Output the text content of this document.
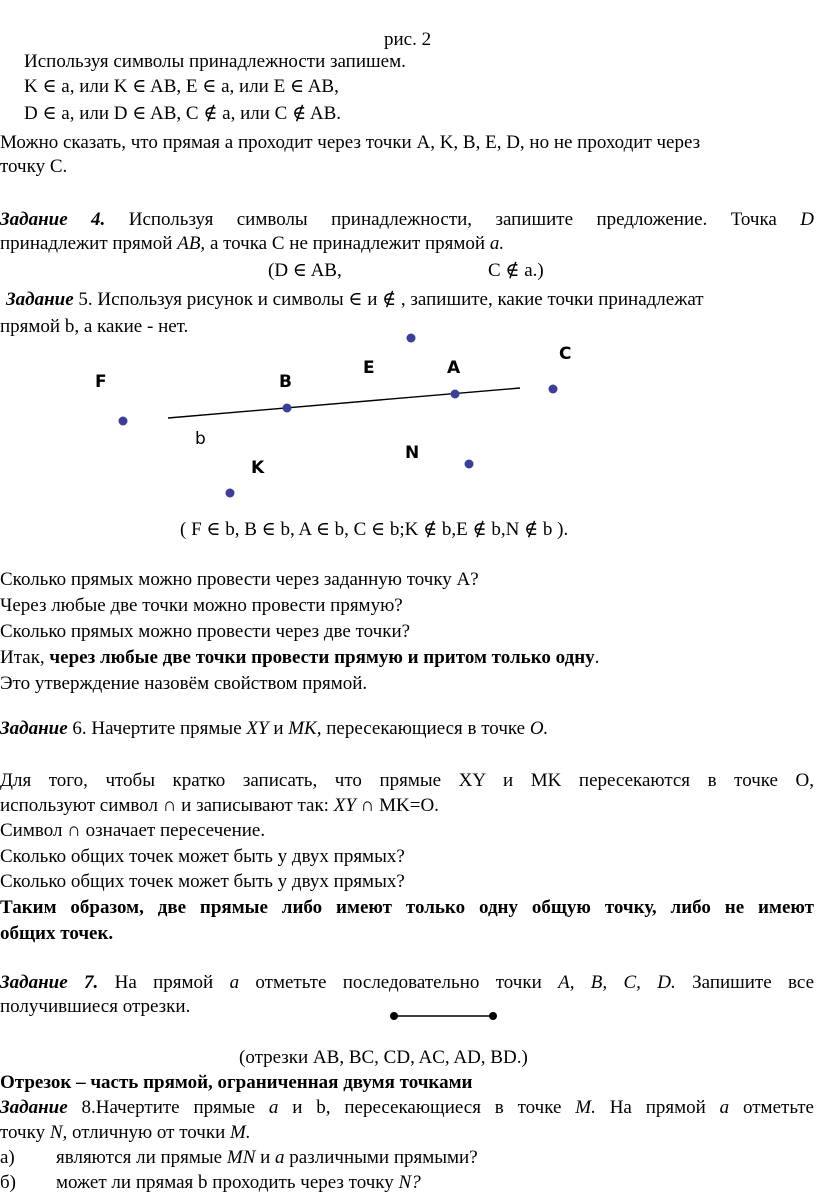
рис. 2
Используя символы принадлежности запишем.
K ∈ a, или K ∈ AB, E ∈ a, или E ∈ AB,
D ∈ a, или D ∈ AB, C ∉ a, или C ∉ AB.
Можно сказать, что прямая а проходит через точки A, K, B, E, D, но не проходит через
точку C.
Задание 4. Используя символы принадлежности, запишите предложение. Точка D
принадлежит прямой AB, а точка С не принадлежит прямой a.
(D ∈ AB,	C ∉ a.)
Задание 5. Используя рисунок и символы ∈ и ∉ , запишите, какие точки принадлежат
прямой b, а какие - нет.
F	B
E	A
C
K
N
b
( F ∈ b, B ∈ b, A ∈ b, C ∈ b;K ∉ b,E ∉ b,N ∉ b ).
Сколько прямых можно провести через заданную точку A?
Через любые две точки можно провести прямую?
Сколько прямых можно провести через две точки?
Итак, через любые две точки провести прямую и притом только одну.
Это утверждение назовём свойством прямой.
Задание 6. Начертите прямые XY и MK, пересекающиеся в точке O.
Для того, чтобы кратко записать, что прямые XY и MK пересекаются в точке O,
используют символ ∩ и записывают так: XY ∩ MK=O.
Символ ∩ означает пересечение.
Сколько общих точек может быть у двух прямых?
Сколько общих точек может быть у двух прямых?
Таким образом, две прямые либо имеют только одну общую точку, либо не имеют
общих точек.
Задание 7. На прямой а отметьте последовательно точки A, B, C, D. Запишите все
получившиеся отрезки.
(отрезки AB, BC, CD, AC, AD, BD.)
Отрезок – часть прямой, ограниченная двумя точками
Задание 8.Начертите прямые a и b, пересекающиеся в точке M. На прямой a отметьте
точку N, отличную от точки M.
а) являются ли прямые MN и a различными прямыми?
б) может ли прямая b проходить через точку N?
